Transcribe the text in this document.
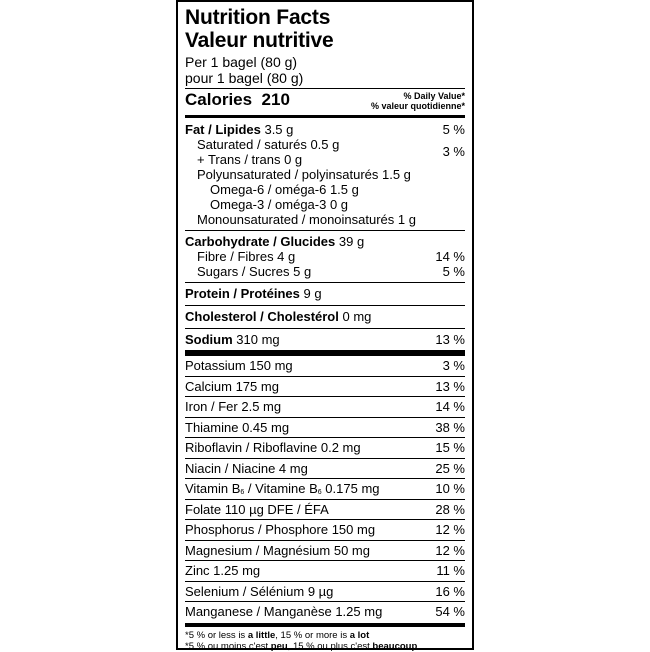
Nutrition Facts
Valeur nutritive
Per 1 bagel (80 g)
pour 1 bagel (80 g)
Calories 210	% Daily Value*
% valeur quotidienne*
Fat / Lipides 3.5 g	5 %
Saturated / saturés 0.5 g
+ Trans / trans 0 g
3 %
Polyunsaturated / polyinsaturés 1.5 g
Omega-6 / oméga-6 1.5 g
Omega-3 / oméga-3 0 g
Monounsaturated / monoinsaturés 1 g
Carbohydrate / Glucides 39 g
Fibre / Fibres 4 g	14 %
Sugars / Sucres 5 g	5 %
Protein / Protéines 9 g
Cholesterol / Cholestérol 0 mg
Sodium 310 mg	13 %
Potassium 150 mg	3 %
Calcium 175 mg	13 %
Iron / Fer 2.5 mg	14 %
Thiamine 0.45 mg	38 %
Riboflavin / Riboflavine 0.2 mg	15 %
Niacin / Niacine 4 mg	25 %
Vitamin $B_6$ / Vitamine $B_6$ 0.175 mg	10 %
Folate 110 µg DFE / ÉFA	28 %
Phosphorus / Phosphore 150 mg	12 %
Magnesium / Magnésium 50 mg	12 %
Zinc 1.25 mg	11 %
Selenium / Sélénium 9 µg	16 %
Manganese / Manganèse 1.25 mg	54 %
*5 % or less is a little, 15 % or more is a lot
*5 % ou moins c'est peu, 15 % ou plus c'est beaucoup
